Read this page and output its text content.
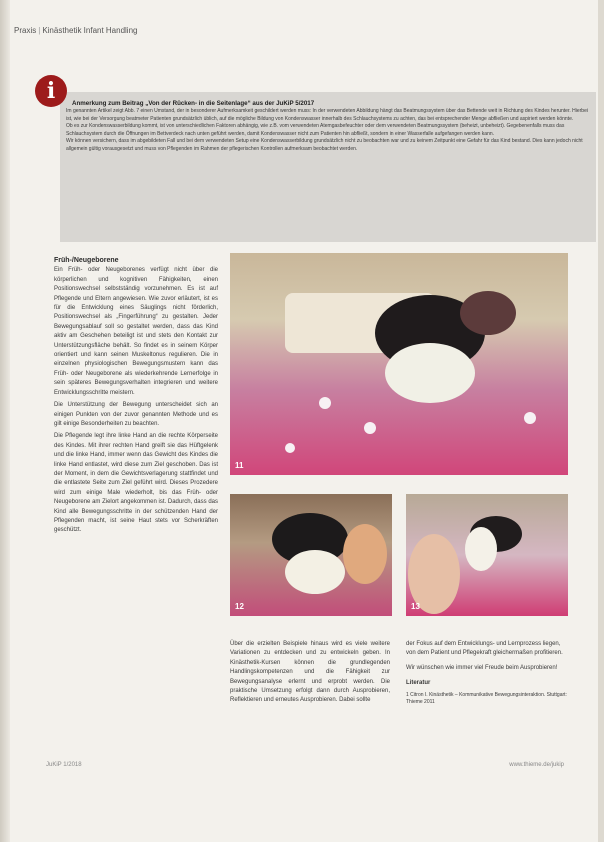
Praxis | Kinästhetik Infant Handling
i	Anmerkung zum Beitrag „Von der Rücken- in die Seitenlage“ aus der JuKiP 5/2017
Im genannten Artikel zeigt Abb. 7 einen Umstand, der in besonderer Aufmerksamkeit geschildert werden muss: In der verwendeten Abbildung hängt das Beatmungssystem über das Bettende weit in Richtung des Kindes herunter. Hierbei ist, wie bei der Versorgung beatmeter Patienten grundsätzlich üblich, auf die mögliche Bildung von Kondenswasser innerhalb des Schlauchsystems zu achten, das bei entsprechender Menge abfließen und aspiriert werden könnte.
Ob es zur Kondenswasserbildung kommt, ist von unterschiedlichen Faktoren abhängig, wie z.B. vom verwendeten Atemgasbefeuchter oder dem verwendeten Beatmungssystem (beheizt, unbeheizt). Gegebenenfalls muss das Schlauchsystem durch die Öffnungen im Bettverdeck nach unten geführt werden, damit Kondenswasser nicht zum Patienten hin abfließt, sondern in einer Wasserfalle aufgefangen werden kann.
Wir können versichern, dass im abgebildeten Fall und bei dem verwendeten Setup eine Kondenswasserbildung grundsätzlich nicht zu beobachten war und zu keinem Zeitpunkt eine Gefahr für das Kind bestand. Dies kann jedoch nicht allgemein gültig vorausgesetzt und muss von Pflegenden im Rahmen der pflegerischen Kontrollen aufmerksam beobachtet werden.
Früh-/Neugeborene

Ein Früh- oder Neugeborenes verfügt nicht über die körperlichen und kognitiven Fähigkeiten, einen Positionswechsel selbstständig vorzunehmen. Es ist auf Pflegende und Eltern angewiesen. Wie zuvor erläutert, ist es für die Entwicklung eines Säuglings nicht förderlich, Positionswechsel als „Fingerführung“ zu gestalten. Jeder Bewegungsablauf soll so gestaltet werden, dass das Kind aktiv am Geschehen beteiligt ist und stets den Kontakt zur Unterstützungsfläche behält. So findet es in seinem Körper orientiert und kann seinen Muskeltonus regulieren. Die in einzelnen physiologischen Bewegungsmustern kann das Früh- oder Neugeborene als wiederkehrende Lernerfolge in sein späteres Bewegungsverhalten integrieren und weitere Entwicklungsschritte meistern.

Die Unterstützung der Bewegung unterscheidet sich an einigen Punkten von der zuvor genannten Methode und es gilt einige Besonderheiten zu beachten.

Die Pflegende legt ihre linke Hand an die rechte Körperseite des Kindes. Mit ihrer rechten Hand greift sie das Hüftgelenk und die linke Hand, immer wenn das Gewicht des Kindes die linke Hand entlastet, wird diese zum Ziel geschoben. Das ist der Moment, in dem die Gewichtsverlagerung stattfindet und die entlastete Seite zum Ziel geführt wird. Dieses Prozedere wird zum einige Male wiederholt, bis das Früh- oder Neugeborene am Zielort angekommen ist. Dadurch, dass das Kind alle Bewegungsschritte in der schützenden Hand der Pflegenden macht, ist seine Haut stets vor Scherkräften geschützt.

11
12	13
Über die erzielten Beispiele hinaus wird es viele weitere Variationen zu entdecken und zu entwickeln geben. In Kinästhetik-Kursen können die grundlegenden Handlingskompetenzen und die Fähigkeit zur Bewegungsanalyse erlernt und erprobt werden. Die praktische Umsetzung erfolgt dann durch Ausprobieren, Reflektieren und erneutes Ausprobieren. Dabei sollte

der Fokus auf dem Entwicklungs- und Lernprozess liegen, von dem Patient und Pflegekraft gleichermaßen profitieren.

Wir wünschen wie immer viel Freude beim Ausprobieren!

Literatur
1 Citron I. Kinästhetik – Kommunikative Bewegungsinteraktion. Stuttgart: Thieme 2011
JuKiP 1/2018	www.thieme.de/jukip
